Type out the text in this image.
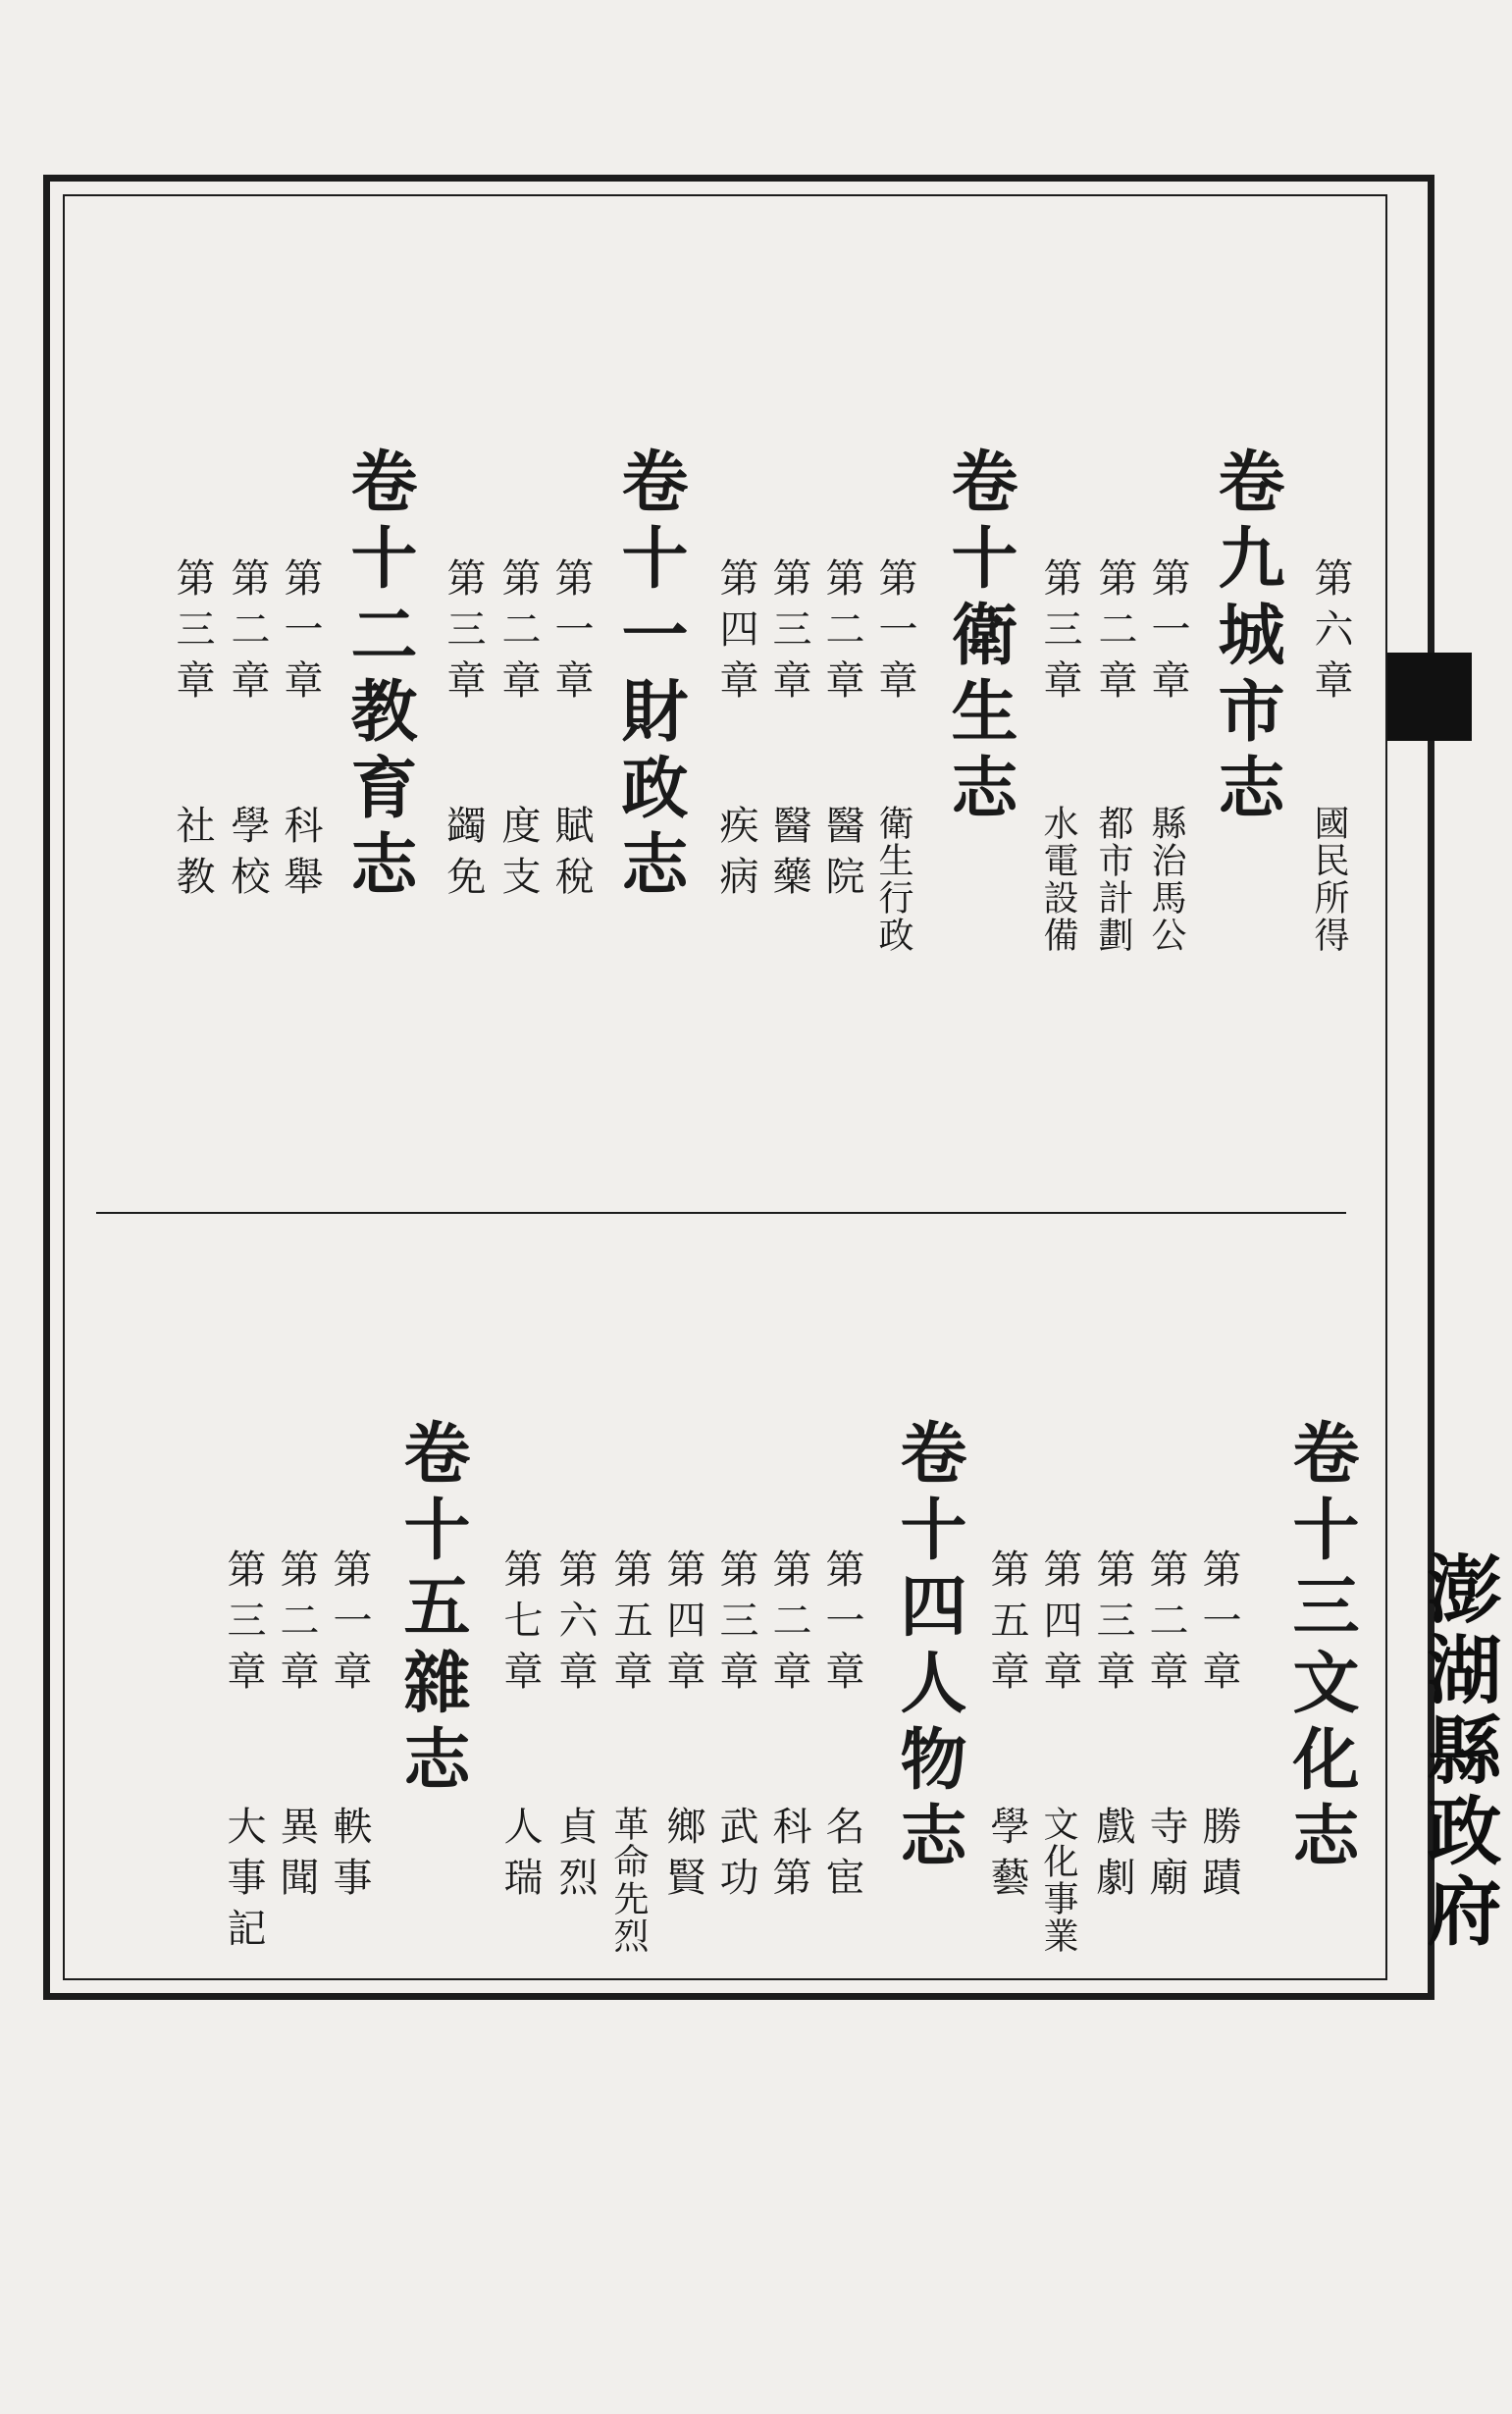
澎湖縣政府
第六章
國民所得
卷九城市志
第一章
縣治馬公
第二章
都市計劃
第三章
水電設備
卷十衛生志
第一章
衛生行政
第二章
醫院
第三章
醫藥
第四章
疾病
卷十一財政志
第一章
賦稅
第二章
度支
第三章
蠲免
卷十二教育志
第一章
科舉
第二章
學校
第三章
社教
卷十三文化志
第一章
勝蹟
第二章
寺廟
第三章
戲劇
第四章
文化事業
第五章
學藝
卷十四人物志
第一章
名宦
第二章
科第
第三章
武功
第四章
鄉賢
第五章
革命先烈
第六章
貞烈
第七章
人瑞
卷十五雜志
第一章
軼事
第二章
異聞
第三章
大事記
